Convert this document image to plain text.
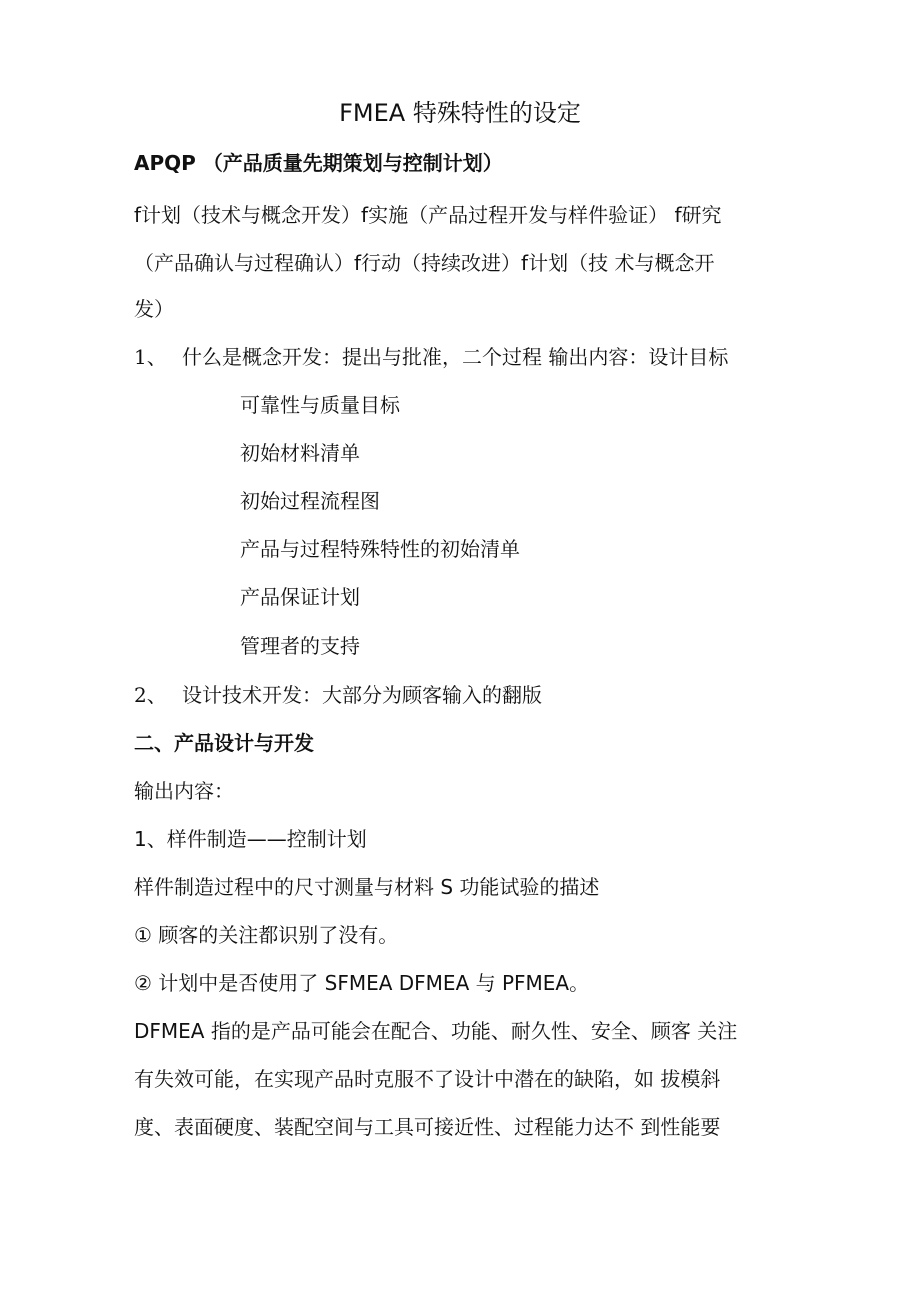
FMEA 特殊特性的设定
APQP （产品质量先期策划与控制计划）
f计划（技术与概念开发）f实施（产品过程开发与样件验证） f研究
（产品确认与过程确认）f行动（持续改进）f计划（技 术与概念开
发）
1、 什么是概念开发：提出与批准，二个过程 输出内容：设计目标
可靠性与质量目标
初始材料清单
初始过程流程图
产品与过程特殊特性的初始清单
产品保证计划
管理者的支持
2、 设计技术开发：大部分为顾客输入的翻版
二、产品设计与开发
输出内容：
1、样件制造——控制计划
样件制造过程中的尺寸测量与材料 S 功能试验的描述
① 顾客的关注都识别了没有。
② 计划中是否使用了 SFMEA DFMEA 与 PFMEA。
DFMEA 指的是产品可能会在配合、功能、耐久性、安全、顾客 关注
有失效可能，在实现产品时克服不了设计中潜在的缺陷，如 拔模斜
度、表面硬度、装配空间与工具可接近性、过程能力达不 到性能要
